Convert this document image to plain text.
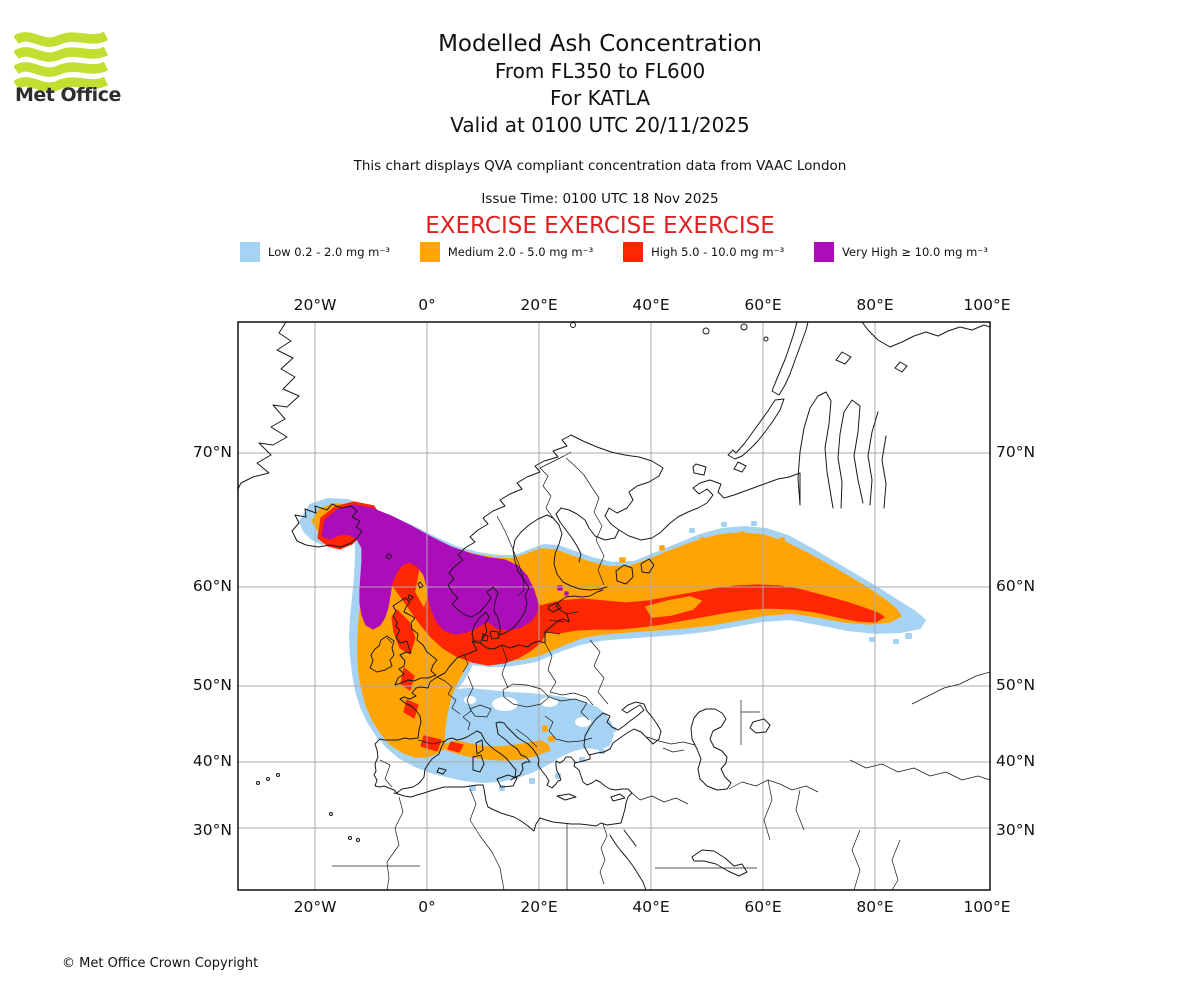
Met Office
Modelled Ash Concentration
From FL350 to FL600
For KATLA
Valid at 0100 UTC 20/11/2025
This chart displays QVA compliant concentration data from VAAC London
Issue Time: 0100 UTC 18 Nov 2025
EXERCISE EXERCISE EXERCISE
Low 0.2 - 2.0 mg m⁻³	Medium 2.0 - 5.0 mg m⁻³	High 5.0 - 10.0 mg m⁻³	Very High ≥ 10.0 mg m⁻³
20°W	0°	20°E	40°E	60°E	80°E	100°E
20°W	0°	20°E	40°E	60°E	80°E	100°E
70°N
60°N
50°N
40°N
30°N
70°N
60°N
50°N
40°N
30°N
© Met Office Crown Copyright
